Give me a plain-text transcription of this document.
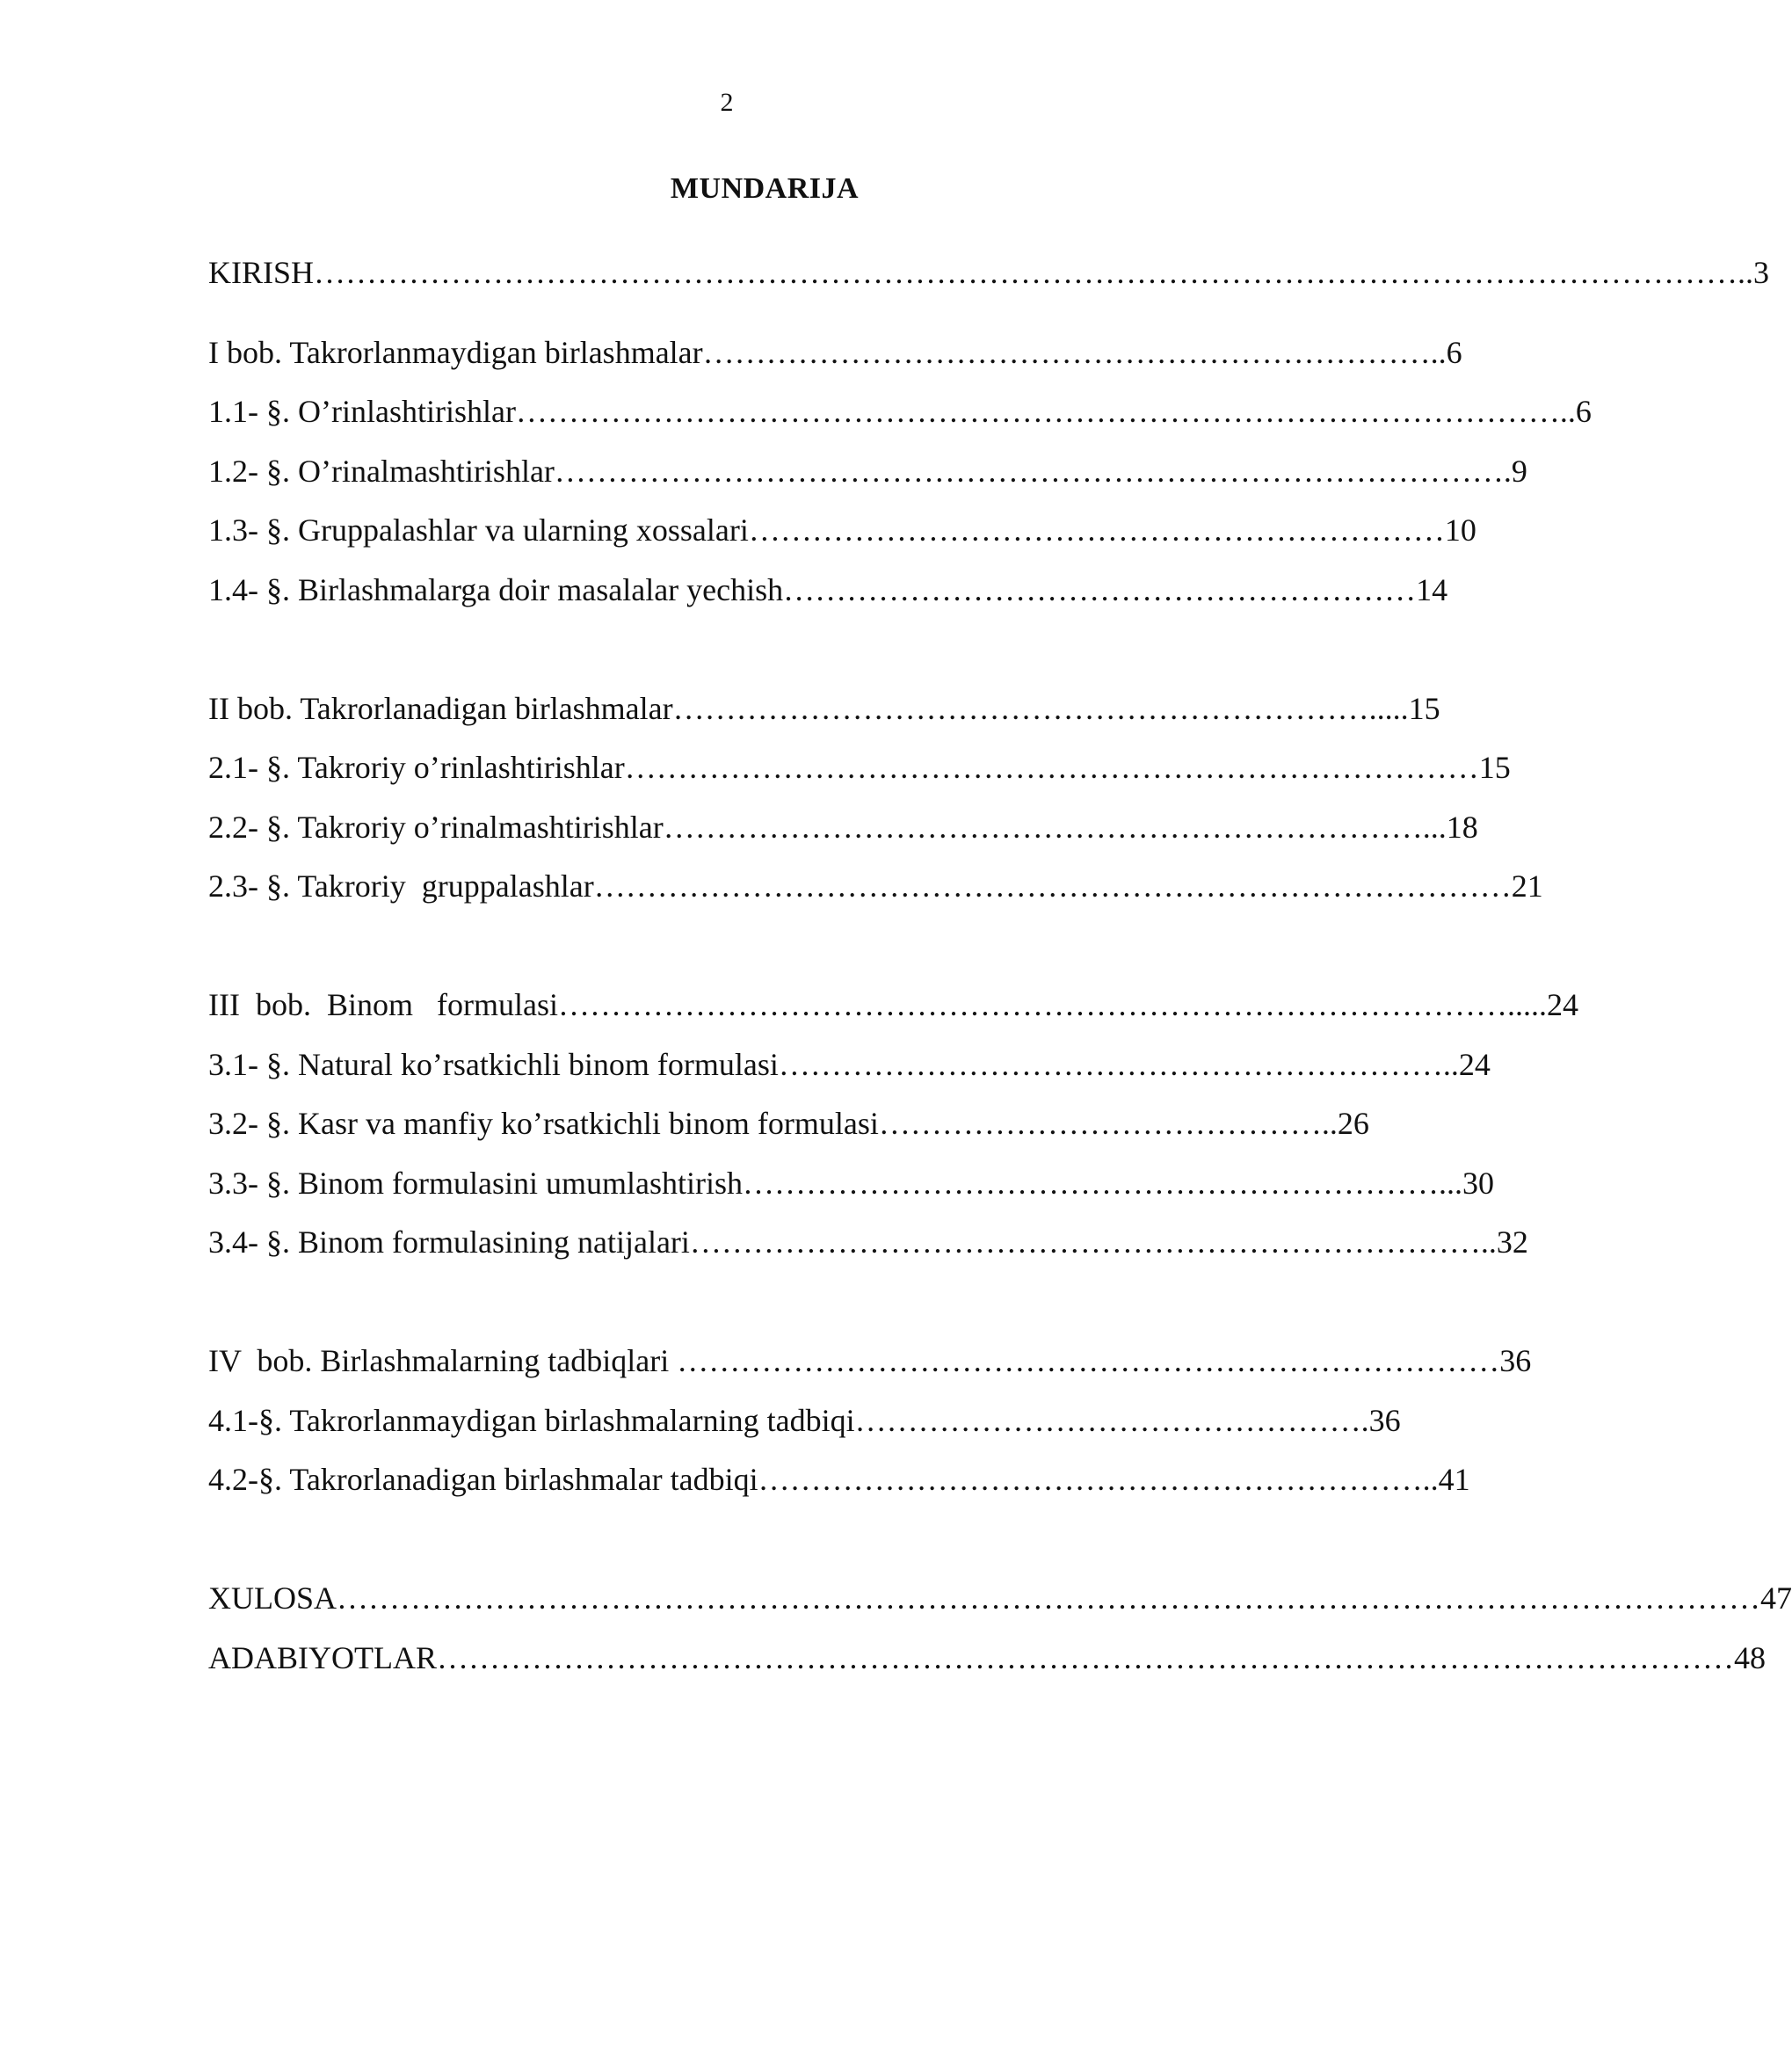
2
MUNDARIJA
KIRISH………………………………………………………………………………………………………………………..3
I bob. Takrorlanmaydigan birlashmalar……………………………………………………………..6
1.1- §. O’rinlashtirishlar………………………………………………………………………………………..6
1.2- §. O’rinalmashtirishlar……………………………………………………………………………….9
1.3- §. Gruppalashlar va ularning xossalari…………………………………………………………10
1.4- §. Birlashmalarga doir masalalar yechish……………………………………………………14
II bob. Takrorlanadigan birlashmalar………………………………………………………….....15
2.1- §. Takroriy o’rinlashtirishlar………………………………………………………………………15
2.2- §. Takroriy o’rinalmashtirishlar………………………………………………………………...18
2.3- §. Takroriy  gruppalashlar……………………………………………………………………………21
III  bob.  Binom   formulasi……………………………………………………………………………….....24
3.1- §. Natural ko’rsatkichli binom formulasi………………………………………………………..24
3.2- §. Kasr va manfiy ko’rsatkichli binom formulasi……………………………………..26
3.3- §. Binom formulasini umumlashtirish…………………………………………………………...30
3.4- §. Binom formulasining natijalari…………………………………………………………………..32
IV  bob. Birlashmalarning tadbiqlari ……………………………………………………………………36
4.1-§. Takrorlanmaydigan birlashmalarning tadbiqi………………………………………….36
4.2-§. Takrorlanadigan birlashmalar tadbiqi………………………………………………………..41
XULOSA………………………………………………………………………………………………………………………47
ADABIYOTLAR……………………………………………………………………………………………………………48
